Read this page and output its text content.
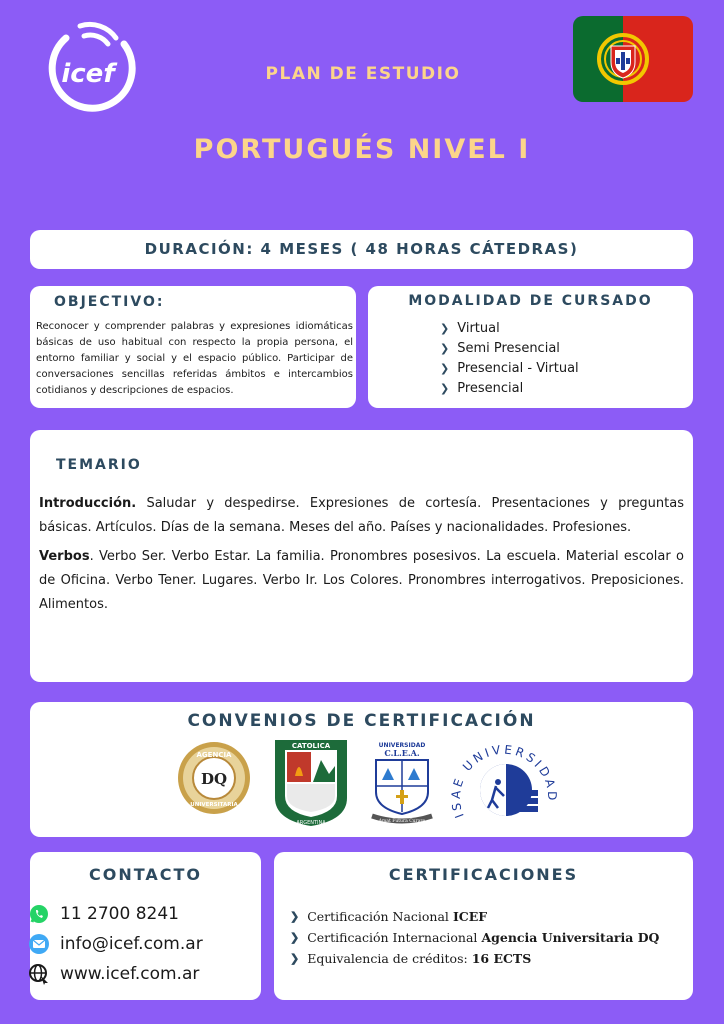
icef	PLAN DE ESTUDIO
PORTUGUÉS NIVEL I
DURACIÓN: 4 MESES ( 48 HORAS CÁTEDRAS)
OBJECTIVO:
Reconocer y comprender palabras y expresiones idiomáticas básicas de uso habitual con respecto la propia persona, el entorno familiar y social y el espacio público. Participar de conversaciones sencillas referidas ámbitos e intercambios cotidianos y descripciones de espacios.
MODALIDAD DE CURSADO
❯ Virtual
❯ Semi Presencial
❯ Presencial - Virtual
❯ Presencial
TEMARIO
Introducción. Saludar y despedirse. Expresiones de cortesía. Presentaciones y preguntas básicas. Artículos. Días de la semana. Meses del año. Países y nacionalidades. Profesiones.
Verbos. Verbo Ser. Verbo Estar. La familia. Pronombres posesivos. La escuela. Material escolar o de Oficina. Verbo Tener. Lugares. Verbo Ir. Los Colores. Pronombres interrogativos. Preposiciones. Alimentos.
CONVENIOS DE CERTIFICACIÓN
AGENCIA
DQ
UNIVERSITARIA
CATOLICA
ARGENTINA
UNIVERSIDAD
C.L.E.A.
Amat Futura Curare
ISAE UNIVERSIDAD
CONTACTO
11 2700 8241
info@icef.com.ar
www.icef.com.ar
CERTIFICACIONES
❯ Certificación Nacional ICEF
❯ Certificación Internacional Agencia Universitaria DQ
❯ Equivalencia de créditos: 16 ECTS
